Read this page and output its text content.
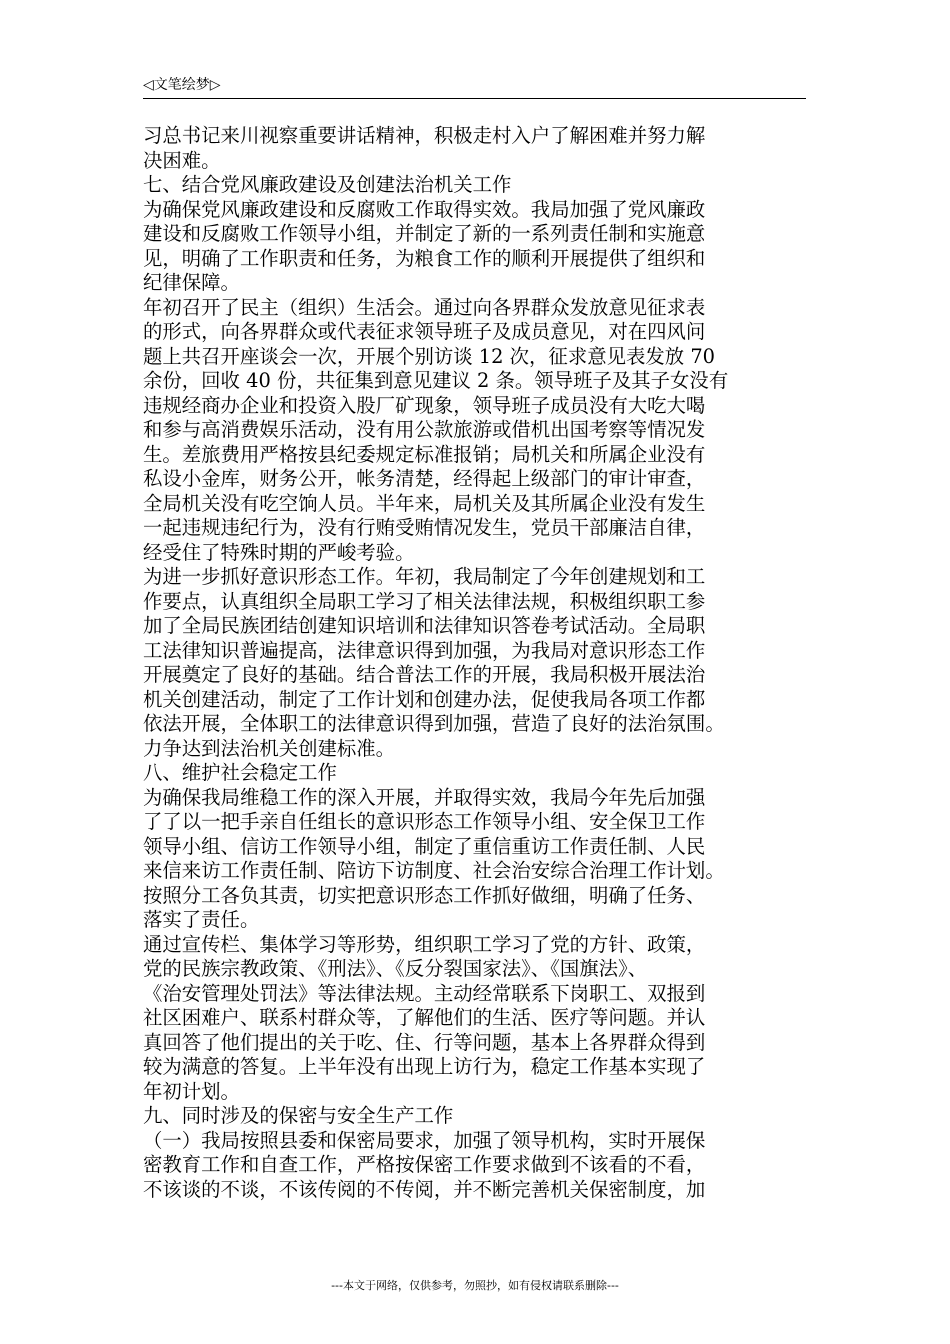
◁文笔绘梦▷
习总书记来川视察重要讲话精神，积极走村入户了解困难并努力解
决困难。
七、结合党风廉政建设及创建法治机关工作
为确保党风廉政建设和反腐败工作取得实效。我局加强了党风廉政
建设和反腐败工作领导小组，并制定了新的一系列责任制和实施意
见，明确了工作职责和任务，为粮食工作的顺利开展提供了组织和
纪律保障。
年初召开了民主（组织）生活会。通过向各界群众发放意见征求表
的形式，向各界群众或代表征求领导班子及成员意见，对在四风问
题上共召开座谈会一次，开展个别访谈 12 次，征求意见表发放 70
余份，回收 40 份，共征集到意见建议 2 条。领导班子及其子女没有
违规经商办企业和投资入股厂矿现象，领导班子成员没有大吃大喝
和参与高消费娱乐活动，没有用公款旅游或借机出国考察等情况发
生。差旅费用严格按县纪委规定标准报销；局机关和所属企业没有
私设小金库，财务公开，帐务清楚，经得起上级部门的审计审查，
全局机关没有吃空饷人员。半年来，局机关及其所属企业没有发生
一起违规违纪行为，没有行贿受贿情况发生，党员干部廉洁自律，
经受住了特殊时期的严峻考验。
为进一步抓好意识形态工作。年初，我局制定了今年创建规划和工
作要点，认真组织全局职工学习了相关法律法规，积极组织职工参
加了全局民族团结创建知识培训和法律知识答卷考试活动。全局职
工法律知识普遍提高，法律意识得到加强，为我局对意识形态工作
开展奠定了良好的基础。结合普法工作的开展，我局积极开展法治
机关创建活动，制定了工作计划和创建办法，促使我局各项工作都
依法开展，全体职工的法律意识得到加强，营造了良好的法治氛围。
力争达到法治机关创建标准。
八、维护社会稳定工作
为确保我局维稳工作的深入开展，并取得实效，我局今年先后加强
了了以一把手亲自任组长的意识形态工作领导小组、安全保卫工作
领导小组、信访工作领导小组，制定了重信重访工作责任制、人民
来信来访工作责任制、陪访下访制度、社会治安综合治理工作计划。
按照分工各负其责，切实把意识形态工作抓好做细，明确了任务、
落实了责任。
通过宣传栏、集体学习等形势，组织职工学习了党的方针、政策，
党的民族宗教政策、《刑法》、《反分裂国家法》、《国旗法》、
《治安管理处罚法》等法律法规。主动经常联系下岗职工、双报到
社区困难户、联系村群众等，了解他们的生活、医疗等问题。并认
真回答了他们提出的关于吃、住、行等问题，基本上各界群众得到
较为满意的答复。上半年没有出现上访行为，稳定工作基本实现了
年初计划。
九、同时涉及的保密与安全生产工作
（一）我局按照县委和保密局要求，加强了领导机构，实时开展保
密教育工作和自查工作，严格按保密工作要求做到不该看的不看，
不该谈的不谈，不该传阅的不传阅，并不断完善机关保密制度，加
---本文于网络，仅供参考，勿照抄，如有侵权请联系删除---
